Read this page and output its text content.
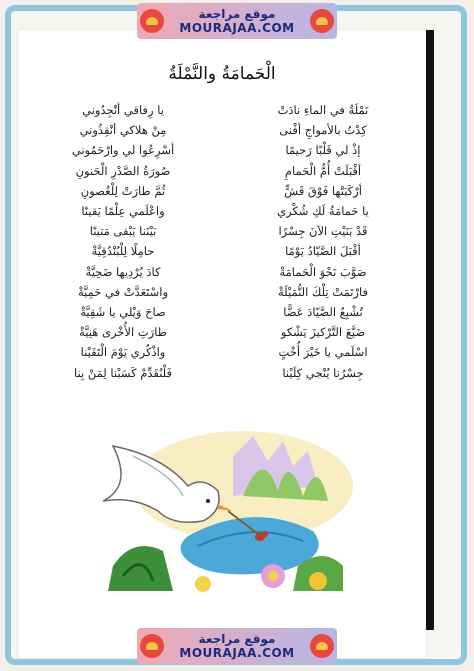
الْحَمامَةُ والنَّمْلَةُ
نَمْلَةٌ في الماءِ نادَتْ
يا رِفاقي أنْجِدُوني
كِدْتُ بالأمواجِ أفْنى
مِنْ هلاكي أنْقِذُوني
إذْ لي قَلْبًا رَحيمًا
أسْرِعُوا لي وارْحَمُوني
أقْبَلَتْ أُمُّ الْحَمامِ
صُورَةُ الصَّدْرِ الْحَنونِ
أرْكَبَتْها فَوْقَ قَشٍّ
ثُمَّ طارَتْ لِلْغُصونِ
يا حَمامَةُ لَكِ شُكْري
واعْلَمي عِلْمًا يَقينًا
قَدْ بَنَيْتِ الآنَ جِسْرًا
بَيْنَنا يَبْقى مَتينًا
أقْبَلَ الصَّيّادُ يَوْمًا
حامِلًا لِلْبُنْدُقِيَّةْ
صَوَّبَ نَحْوَ الْحَمامَةْ
كادَ يُرْدِيها ضَحِيَّةْ
فارْتَمَتْ تِلْكَ النُّمَيْلَةْ
واسْتَعَدَّتْ في حَمِيَّةْ
تُشْبِعُ الصَّيّادَ عَضًّا
صاحَ وَيْلي يا شَقِيَّةْ
ضَيَّعَ التَّرْكيزَ يَشْكو
طارَتِ الأُخْرى هَنِيَّةْ
اسْلَمي يا خَيْرَ أُخْتٍ
واذْكُري يَوْمَ الْتَقَيْنا
جِسْرُنا يُنْجي كِلَيْنا
فَلْنُقَدِّمْ كَسَبْنا لِمَنْ بِنا
موقع مراجعة
MOURAJAA.COM
موقع مراجعة
MOURAJAA.COM
